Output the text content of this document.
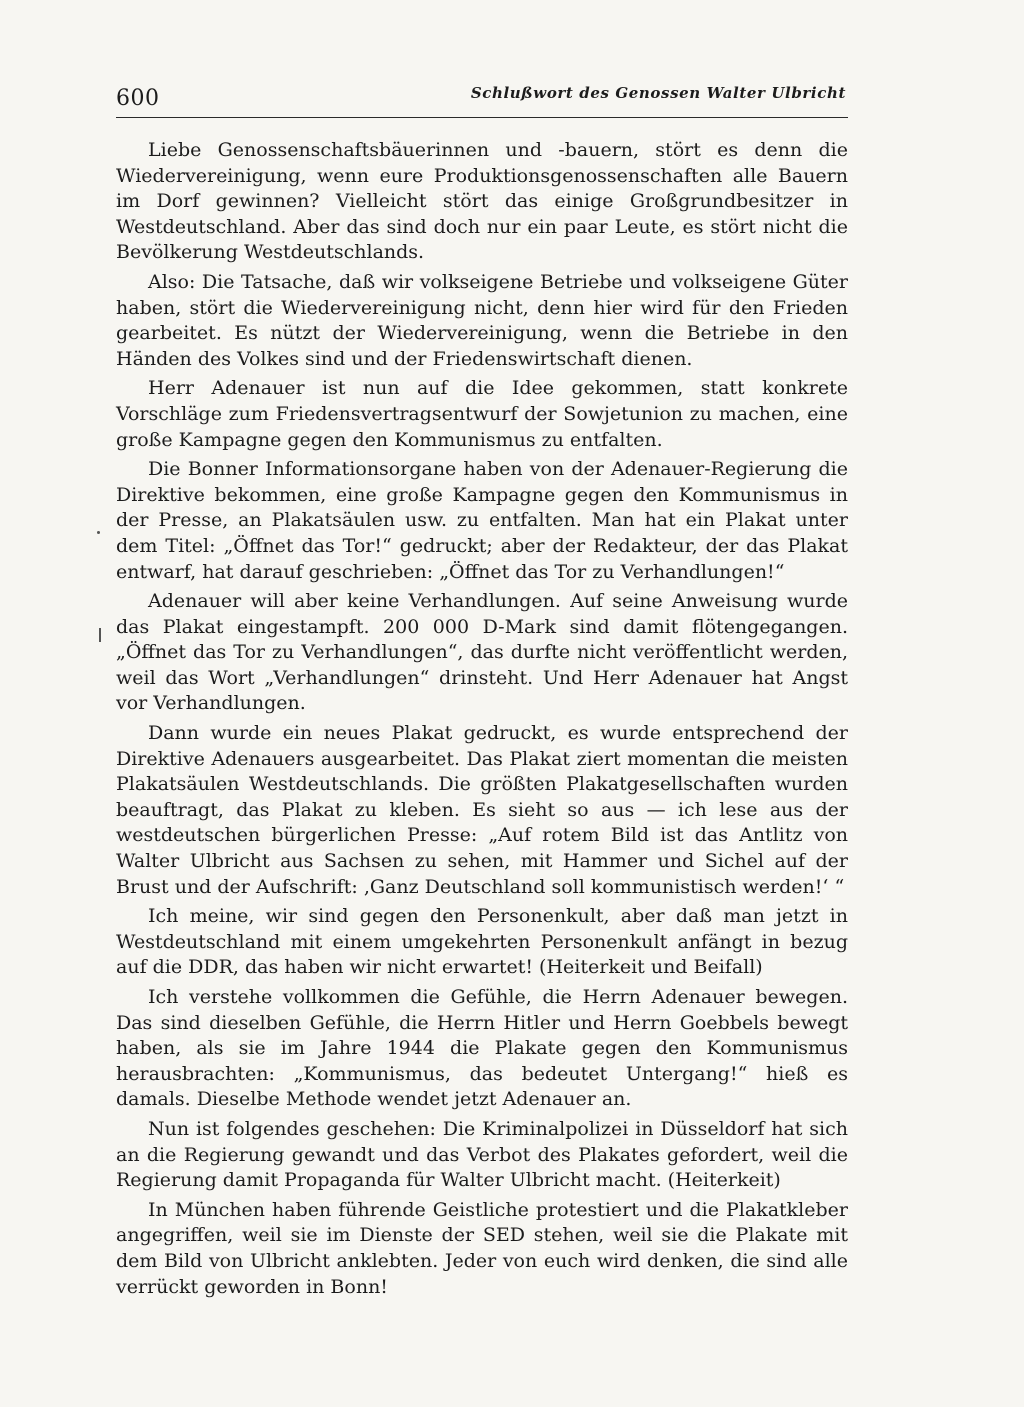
600	Schlußwort des Genossen Walter Ulbricht

Liebe Genossenschaftsbäuerinnen und -bauern, stört es denn die Wiedervereinigung, wenn eure Produktionsgenossenschaften alle Bauern im Dorf gewinnen? Vielleicht stört das einige Großgrundbesitzer in Westdeutschland. Aber das sind doch nur ein paar Leute, es stört nicht die Bevölkerung Westdeutschlands.

Also: Die Tatsache, daß wir volkseigene Betriebe und volkseigene Güter haben, stört die Wiedervereinigung nicht, denn hier wird für den Frieden gearbeitet. Es nützt der Wiedervereinigung, wenn die Betriebe in den Händen des Volkes sind und der Friedenswirtschaft dienen.

Herr Adenauer ist nun auf die Idee gekommen, statt konkrete Vorschläge zum Friedensvertragsentwurf der Sowjetunion zu machen, eine große Kampagne gegen den Kommunismus zu entfalten.

Die Bonner Informationsorgane haben von der Adenauer-Regierung die Direktive bekommen, eine große Kampagne gegen den Kommunismus in der Presse, an Plakatsäulen usw. zu entfalten. Man hat ein Plakat unter dem Titel: „Öffnet das Tor!“ gedruckt; aber der Redakteur, der das Plakat entwarf, hat darauf geschrieben: „Öffnet das Tor zu Verhandlungen!“

Adenauer will aber keine Verhandlungen. Auf seine Anweisung wurde das Plakat eingestampft. 200 000 D-Mark sind damit flötengegangen. „Öffnet das Tor zu Verhandlungen“, das durfte nicht veröffentlicht werden, weil das Wort „Verhandlungen“ drinsteht. Und Herr Adenauer hat Angst vor Verhandlungen.

Dann wurde ein neues Plakat gedruckt, es wurde entsprechend der Direktive Adenauers ausgearbeitet. Das Plakat ziert momentan die meisten Plakatsäulen Westdeutschlands. Die größten Plakatgesellschaften wurden beauftragt, das Plakat zu kleben. Es sieht so aus — ich lese aus der westdeutschen bürgerlichen Presse: „Auf rotem Bild ist das Antlitz von Walter Ulbricht aus Sachsen zu sehen, mit Hammer und Sichel auf der Brust und der Aufschrift: ‚Ganz Deutschland soll kommunistisch werden!‘ “

Ich meine, wir sind gegen den Personenkult, aber daß man jetzt in Westdeutschland mit einem umgekehrten Personenkult anfängt in bezug auf die DDR, das haben wir nicht erwartet! (Heiterkeit und Beifall)

Ich verstehe vollkommen die Gefühle, die Herrn Adenauer bewegen. Das sind dieselben Gefühle, die Herrn Hitler und Herrn Goebbels bewegt haben, als sie im Jahre 1944 die Plakate gegen den Kommunismus herausbrachten: „Kommunismus, das bedeutet Untergang!“ hieß es damals. Dieselbe Methode wendet jetzt Adenauer an.

Nun ist folgendes geschehen: Die Kriminalpolizei in Düsseldorf hat sich an die Regierung gewandt und das Verbot des Plakates gefordert, weil die Regierung damit Propaganda für Walter Ulbricht macht. (Heiterkeit)

In München haben führende Geistliche protestiert und die Plakatkleber angegriffen, weil sie im Dienste der SED stehen, weil sie die Plakate mit dem Bild von Ulbricht anklebten. Jeder von euch wird denken, die sind alle verrückt geworden in Bonn!
